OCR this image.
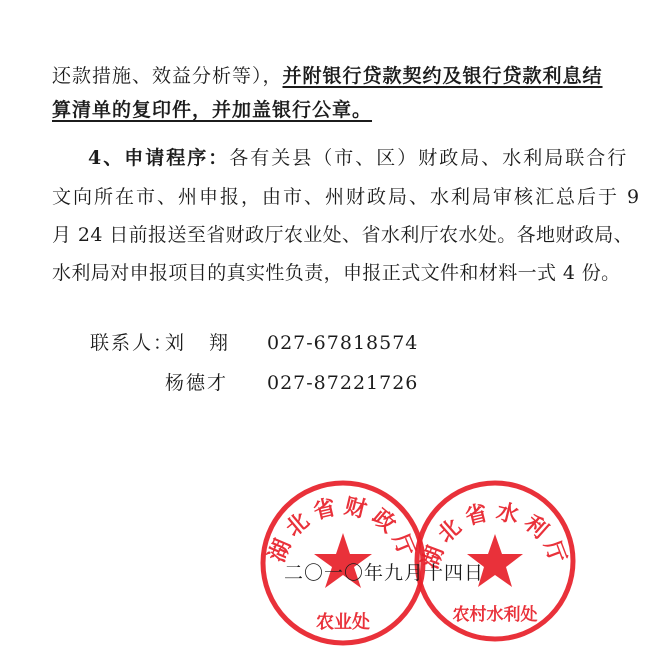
还款措施、效益分析等），并附银行贷款契约及银行贷款利息结
算清单的复印件，并加盖银行公章。
4、申请程序：各有关县（市、区）财政局、水利局联合行
文向所在市、州申报，由市、州财政局、水利局审核汇总后于 9
月 24 日前报送至省财政厅农业处、省水利厅农水处。各地财政局、
水利局对申报项目的真实性负责，申报正式文件和材料一式 4 份。
联系人：
刘　翔 027-67818574
杨德才 027-87221726
湖北省财政厅
农业处
湖北省水利厅
农村水利处
二〇一〇年九月十四日
